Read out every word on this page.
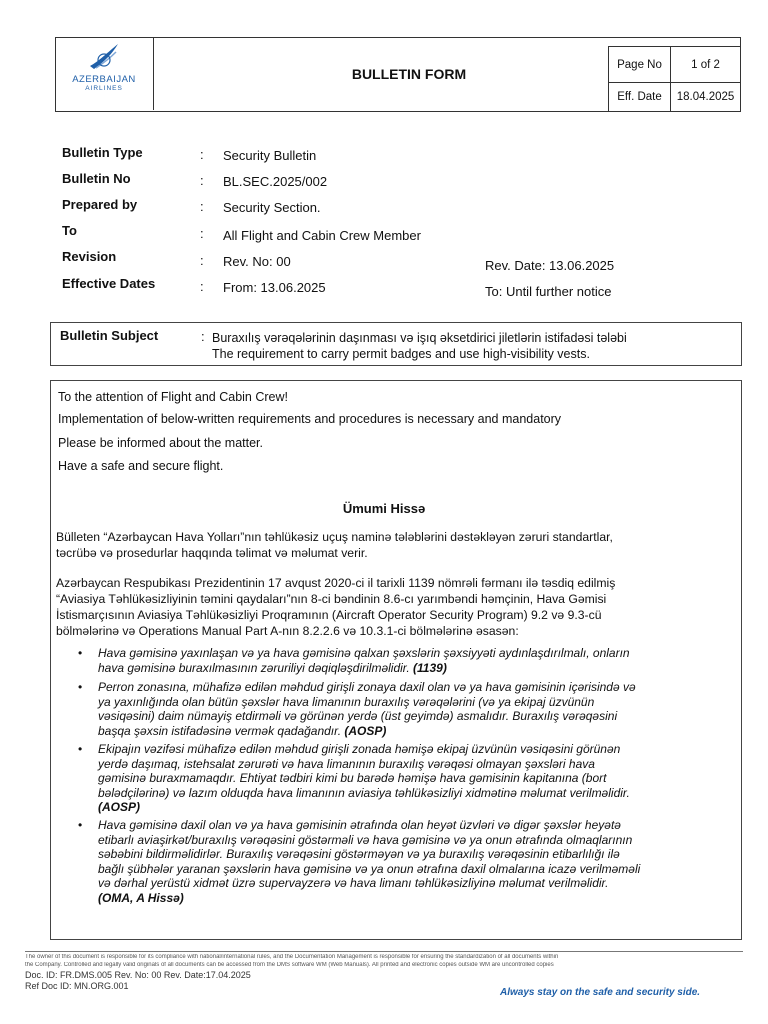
AZERBAIJAN
AIRLINES
BULLETIN FORM
Page No	1 of 2
Eff. Date	18.04.2025
Bulletin Type	: Security Bulletin
Bulletin No	: BL.SEC.2025/002
Prepared by	: Security Section.
To	: All Flight and Cabin Crew Member
Revision	: Rev. No: 00	Rev. Date: 13.06.2025
Effective Dates	: From: 13.06.2025	To: Until further notice
Bulletin Subject	: Buraxılış vərəqələrinin daşınması və işıq əksetdirici jiletlərin istifadəsi tələbi
The requirement to carry permit badges and use high-visibility vests.
To the attention of Flight and Cabin Crew!
Implementation of below-written requirements and procedures is necessary and mandatory
Please be informed about the matter.
Have a safe and secure flight.
Ümumi Hissə
Bülleten “Azərbaycan Hava Yolları”nın təhlükəsiz uçuş naminə tələblərini dəstəkləyən zəruri standartlar,
təcrübə və prosedurlar haqqında təlimat və məlumat verir.
Azərbaycan Respubikası Prezidentinin 17 avqust 2020-ci il tarixli 1139 nömrəli fərmanı ilə təsdiq edilmiş
“Aviasiya Təhlükəsizliyinin təmini qaydaları”nın 8-ci bəndinin 8.6-cı yarımbəndi həmçinin, Hava Gəmisi
İstismarçısının Aviasiya Təhlükəsizliyi Proqramının (Aircraft Operator Security Program) 9.2 və 9.3-cü
bölmələrinə və Operations Manual Part A-nın 8.2.2.6 və 10.3.1-ci bölmələrinə əsasən:
• Hava gəmisinə yaxınlaşan və ya hava gəmisinə qalxan şəxslərin şəxsiyyəti aydınlaşdırılmalı, onların
hava gəmisinə buraxılmasının zəruriliyi dəqiqləşdirilməlidir. (1139)
• Perron zonasına, mühafizə edilən məhdud girişli zonaya daxil olan və ya hava gəmisinin içərisində və
ya yaxınlığında olan bütün şəxslər hava limanının buraxılış vərəqələrini (və ya ekipaj üzvünün
vəsiqəsini) daim nümayiş etdirməli və görünən yerdə (üst geyimdə) asmalıdır. Buraxılış vərəqəsini
başqa şəxsin istifadəsinə vermək qadağandır. (AOSP)
• Ekipajın vəzifəsi mühafizə edilən məhdud girişli zonada həmişə ekipaj üzvünün vəsiqəsini görünən
yerdə daşımaq, istehsalat zərurəti və hava limanının buraxılış vərəqəsi olmayan şəxsləri hava
gəmisinə buraxmamaqdır. Ehtiyat tədbiri kimi bu barədə həmişə hava gəmisinin kapitanına (bort
bələdçilərinə) və lazım olduqda hava limanının aviasiya təhlükəsizliyi xidmətinə məlumat verilməlidir.
(AOSP)
• Hava gəmisinə daxil olan və ya hava gəmisinin ətrafında olan heyət üzvləri və digər şəxslər heyətə
etibarlı aviaşirkət/buraxılış vərəqəsini göstərməli və hava gəmisinə və ya onun ətrafında olmaqlarının
səbəbini bildirməlidirlər. Buraxılış vərəqəsini göstərməyən və ya buraxılış vərəqəsinin etibarlılığı ilə
bağlı şübhələr yaranan şəxslərin hava gəmisinə və ya onun ətrafına daxil olmalarına icazə verilməməli
və dərhal yerüstü xidmət üzrə supervayzerə və hava limanı təhlükəsizliyinə məlumat verilməlidir.
(OMA, A Hissə)
The owner of this document is responsible for its compliance with national/international rules, and the Documentation Management is responsible for ensuring the standardization of all documents within
the Company. Controlled and legally valid originals of all documents can be accessed from the DMS software WM (Web Manuals). All printed and electronic copies outside WM are uncontrolled copies
Doc. ID: FR.DMS.005 Rev. No: 00 Rev. Date:17.04.2025
Ref Doc ID: MN.ORG.001
Always stay on the safe and security side.
